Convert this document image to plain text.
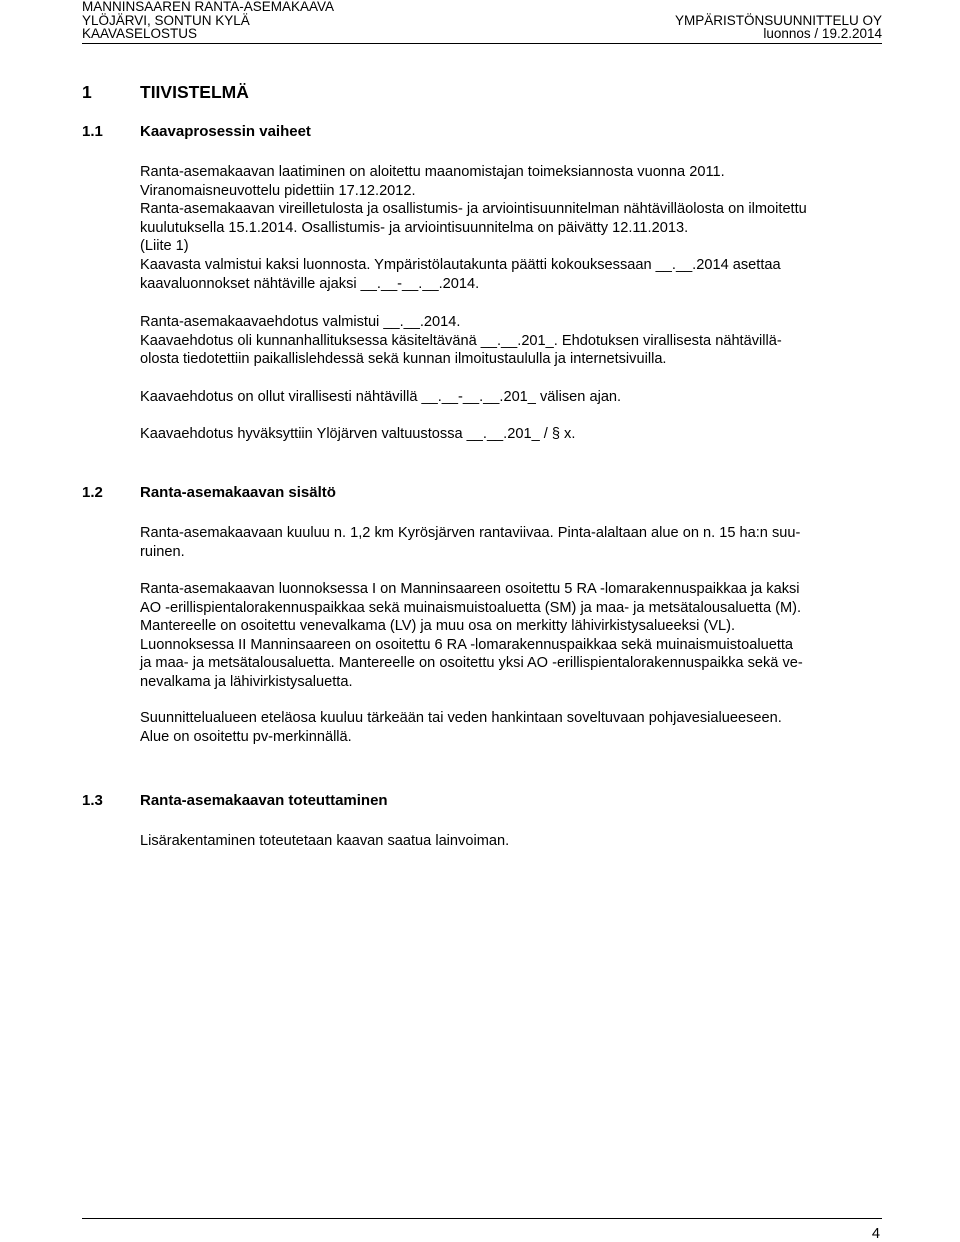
MANNINSAAREN RANTA-ASEMAKAAVA
YLÖJÄRVI, SONTUN KYLÄ
KAAVASELOSTUS
YMPÄRISTÖNSUUNNITTELU OY
luonnos / 19.2.2014
1	TIIVISTELMÄ
1.1 Kaavaprosessin vaiheet

Ranta-asemakaavan laatiminen on aloitettu maanomistajan toimeksiannosta vuonna 2011.

Viranomaisneuvottelu pidettiin 17.12.2012.

Ranta-asemakaavan vireilletulosta ja osallistumis- ja arviointisuunnitelman nähtävilläolosta on ilmoitettu

kuulutuksella 15.1.2014. Osallistumis- ja arviointisuunnitelma on päivätty 12.11.2013.

(Liite 1)

Kaavasta valmistui kaksi luonnosta. Ympäristölautakunta päätti kokouksessaan __.__.2014 asettaa

kaavaluonnokset nähtäville ajaksi __.__-__.__.2014.

Ranta-asemakaavaehdotus valmistui __.__.2014.

Kaavaehdotus oli kunnanhallituksessa käsiteltävänä __.__.201_. Ehdotuksen virallisesta nähtävillä-

olosta tiedotettiin paikallislehdessä sekä kunnan ilmoitustaululla ja internetsivuilla.

Kaavaehdotus on ollut virallisesti nähtävillä __.__-__.__.201_ välisen ajan.

Kaavaehdotus hyväksyttiin Ylöjärven valtuustossa __.__.201_ / § x.

1.2 Ranta-asemakaavan sisältö

Ranta-asemakaavaan kuuluu n. 1,2 km Kyrösjärven rantaviivaa. Pinta-alaltaan alue on n. 15 ha:n suu-

ruinen.

Ranta-asemakaavan luonnoksessa I on Manninsaareen osoitettu 5 RA -lomarakennuspaikkaa ja kaksi

AO -erillispientalorakennuspaikkaa sekä muinaismuistoaluetta (SM) ja maa- ja metsätalousaluetta (M).

Mantereelle on osoitettu venevalkama (LV) ja muu osa on merkitty lähivirkistysalueeksi (VL).

Luonnoksessa II Manninsaareen on osoitettu 6 RA -lomarakennuspaikkaa sekä muinaismuistoaluetta

ja maa- ja metsätalousaluetta. Mantereelle on osoitettu yksi AO -erillispientalorakennuspaikka sekä ve-

nevalkama ja lähivirkistysaluetta.

Suunnittelualueen eteläosa kuuluu tärkeään tai veden hankintaan soveltuvaan pohjavesialueeseen.

Alue on osoitettu pv-merkinnällä.

1.3 Ranta-asemakaavan toteuttaminen

Lisärakentaminen toteutetaan kaavan saatua lainvoiman.

4
